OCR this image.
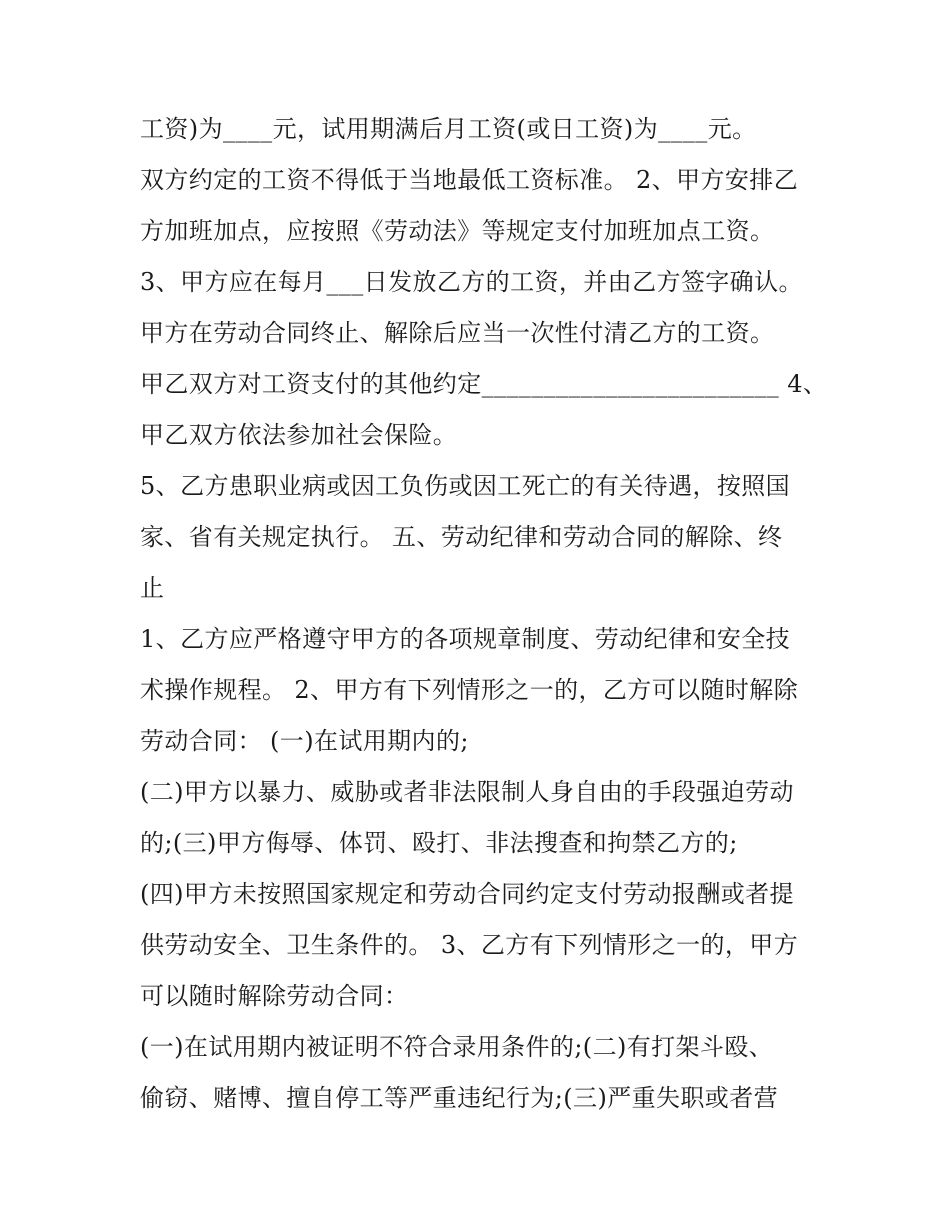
工资)为____元，试用期满后月工资(或日工资)为____元。
双方约定的工资不得低于当地最低工资标准。 2、甲方安排乙
方加班加点，应按照《劳动法》等规定支付加班加点工资。
3、甲方应在每月___日发放乙方的工资，并由乙方签字确认。
甲方在劳动合同终止、解除后应当一次性付清乙方的工资。
甲乙双方对工资支付的其他约定________________________ 4、
甲乙双方依法参加社会保险。
5、乙方患职业病或因工负伤或因工死亡的有关待遇，按照国
家、省有关规定执行。 五、劳动纪律和劳动合同的解除、终
止
1、乙方应严格遵守甲方的各项规章制度、劳动纪律和安全技
术操作规程。 2、甲方有下列情形之一的，乙方可以随时解除
劳动合同： (一)在试用期内的;
(二)甲方以暴力、威胁或者非法限制人身自由的手段强迫劳动
的;(三)甲方侮辱、体罚、殴打、非法搜查和拘禁乙方的;
(四)甲方未按照国家规定和劳动合同约定支付劳动报酬或者提
供劳动安全、卫生条件的。 3、乙方有下列情形之一的，甲方
可以随时解除劳动合同：
(一)在试用期内被证明不符合录用条件的;(二)有打架斗殴、
偷窃、赌博、擅自停工等严重违纪行为;(三)严重失职或者营
